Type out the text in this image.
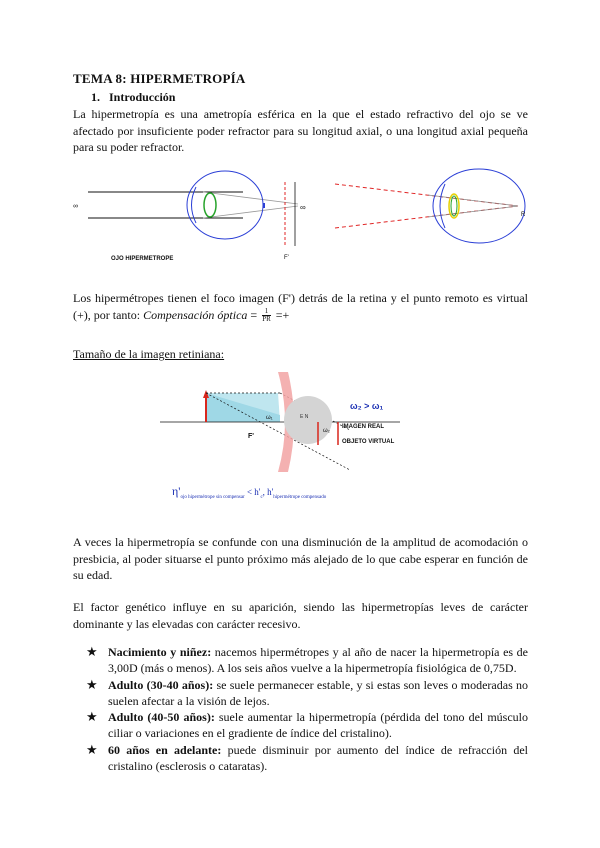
TEMA 8: HIPERMETROPÍA
1. Introducción

La hipermetropía es una ametropía esférica en la que el estado refractivo del ojo se ve afectado por insuficiente poder refractor para su longitud axial, o una longitud axial pequeña para su poder refractor.

∞
F'
∞
OJO HIPERMETROPE
R

Los hipermétropes tienen el foco imagen (F') detrás de la retina y el punto remoto es virtual (+), por tanto: Compensación óptica = $\frac{1}{PR}$ =+

Tamaño de la imagen retiniana:

ω₁
ω₂
E N
F'
ω₂ > ω₁
IMAGEN REAL
OBJETO VIRTUAL
$\eta'_{ojo hipermétrope sin compensar} < h'_c$, $h'_{hipermétrope compensado}$

A veces la hipermetropía se confunde con una disminución de la amplitud de acomodación o presbicia, al poder situarse el punto próximo más alejado de lo que cabe esperar en función de su edad.

El factor genético influye en su aparición, siendo las hipermetropías leves de carácter dominante y las elevadas con carácter recesivo.

★ Nacimiento y niñez: nacemos hipermétropes y al año de nacer la hipermetropía es de 3,00D (más o menos). A los seis años vuelve a la hipermetropía fisiológica de 0,75D.
★ Adulto (30-40 años): se suele permanecer estable, y si estas son leves o moderadas no suelen afectar a la visión de lejos.
★ Adulto (40-50 años): suele aumentar la hipermetropía (pérdida del tono del músculo ciliar o variaciones en el gradiente de índice del cristalino).
★ 60 años en adelante: puede disminuir por aumento del índice de refracción del cristalino (esclerosis o cataratas).
